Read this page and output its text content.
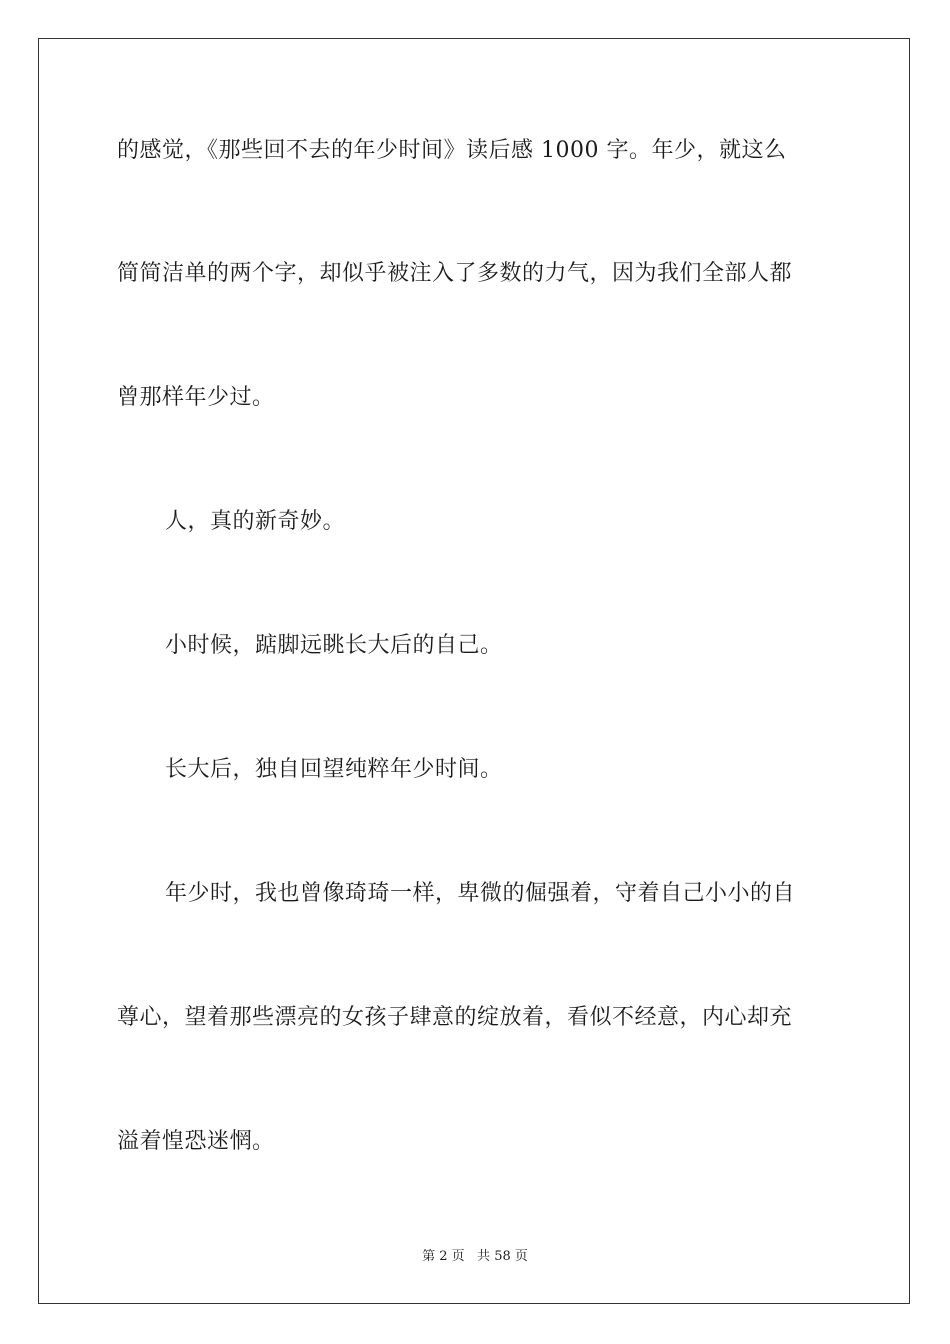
的感觉，《那些回不去的年少时间》读后感 1000 字。年少，就这么
简简洁单的两个字，却似乎被注入了多数的力气，因为我们全部人都
曾那样年少过。
人，真的新奇妙。
小时候，踮脚远眺长大后的自己。
长大后，独自回望纯粹年少时间。
年少时，我也曾像琦琦一样，卑微的倔强着，守着自己小小的自
尊心，望着那些漂亮的女孩子肆意的绽放着，看似不经意，内心却充
溢着惶恐迷惘。
第 2 页   共 58 页
